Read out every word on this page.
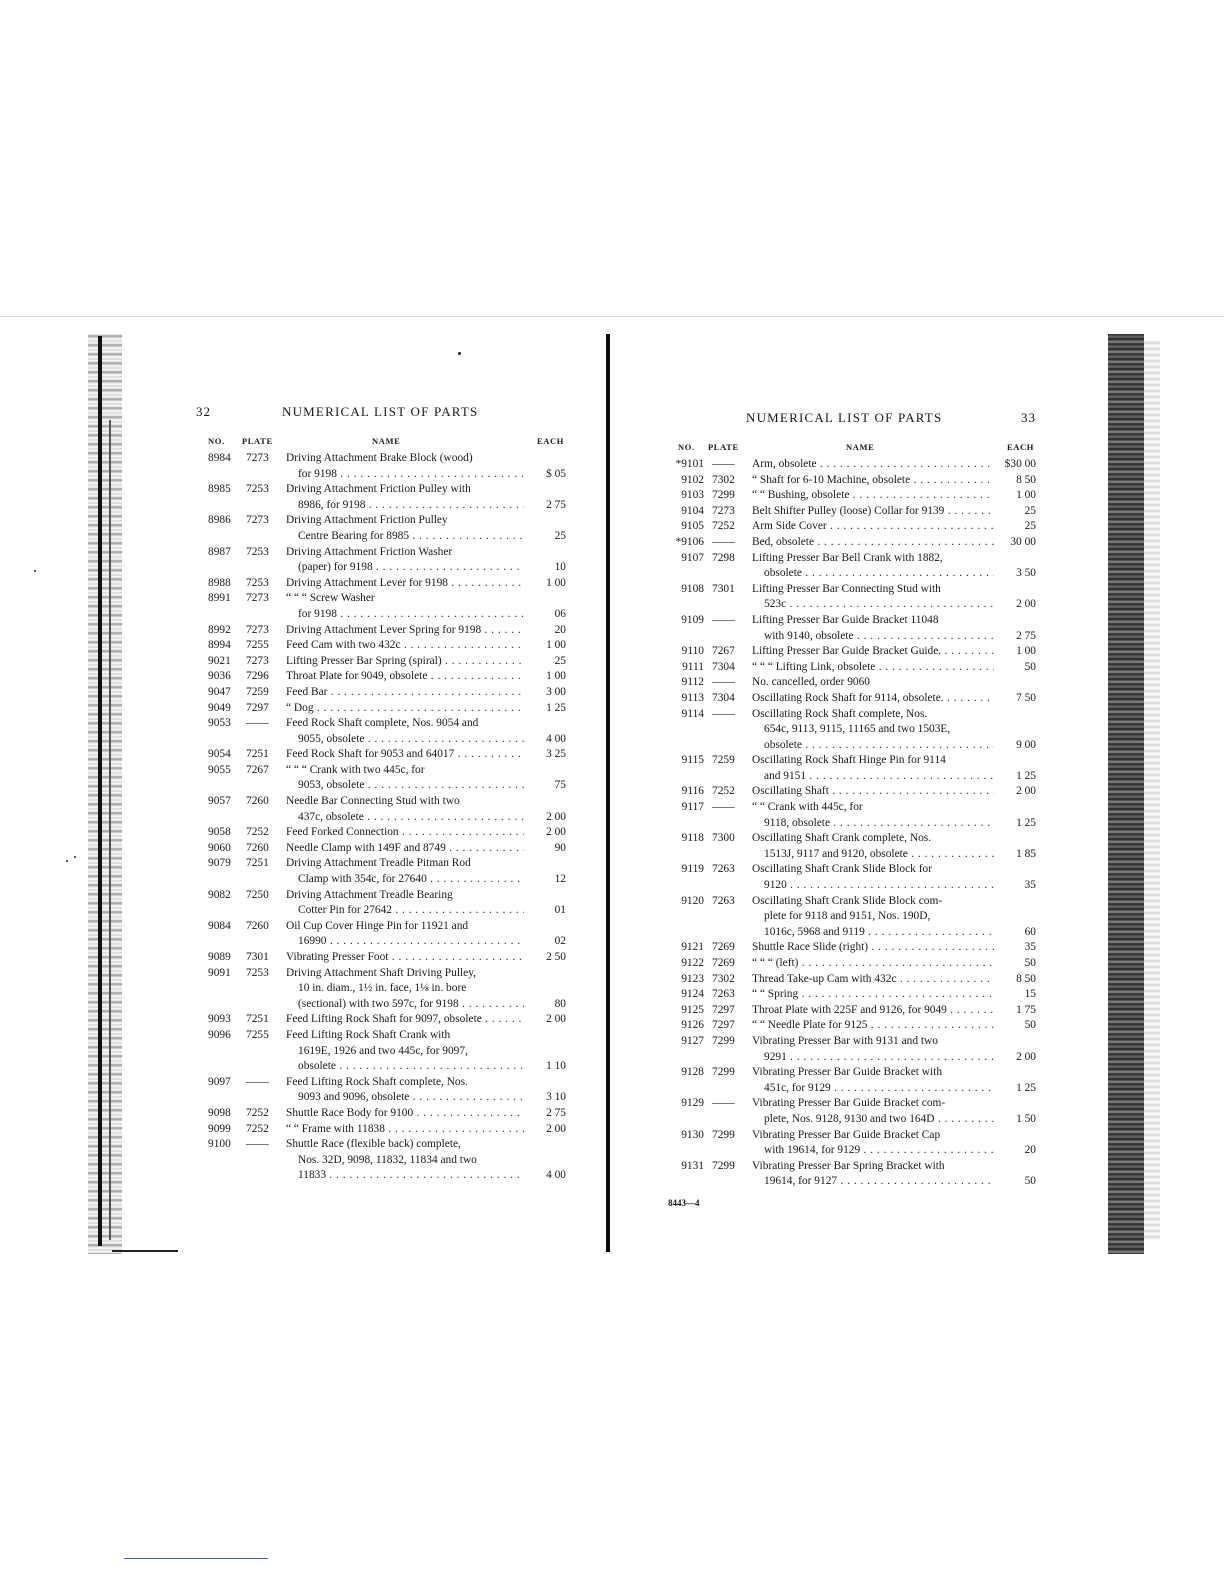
32	NUMERICAL LIST OF PARTS
NO. PLATE	NAME	EACH
8984	7273	Driving Attachment Brake Block (wood)
for 9198 . . .	$ 05
8985	7253	Driving Attachment Friction Pulley with
8986, for 9198 . . .	2 75
8986	7273	Driving Attachment Friction Pulley
Centre Bearing for 8985 . . .	25
8987	7253	Driving Attachment Friction Washer
(paper) for 9198 . . .	10
8988	7253	Driving Attachment Lever for 9198 . . .	1 00
8991	7273	“ “ “ Screw Washer
for 9198 . . .	06
8992	7273	Driving Attachment Lever Spring for 9198 . . .	20
8994	7255	Feed Cam with two 432c . . .	1 00
9021	7273	Lifting Presser Bar Spring (spiral) . . .	25
9036	7296	Throat Plate for 9049, obsolete . . .	1 00
9047	7259	Feed Bar . . .	3 00
9049	7297	“ Dog . . .	1 25
9053	——	Feed Rock Shaft complete, Nos. 9054 and
9055, obsolete . . .	4 00
9054	7251	Feed Rock Shaft for 9053 and 64017 . . .	3 25
9055	7267	“ “ “ Crank with two 445c, for
9053, obsolete . . .	75
9057	7260	Needle Bar Connecting Stud with two
437c, obsolete . . .	2 00
9058	7252	Feed Forked Connection . . .	2 00
9060	7260	Needle Clamp with 149F and 8749 . . .	90
9079	7251	Driving Attachment Treadle Pitman Rod
Clamp with 354c, for 27640 . . .	12
9082	7250	Driving Attachment Treadle Bearing
Cotter Pin for 27642 . . .	01
9084	7260	Oil Cup Cover Hinge Pin for 11921 and
16990 . . .	02
9089	7301	Vibrating Presser Foot . . .	2 50
9091	7253	Driving Attachment Shaft Driving Pulley,
10 in. diam., 1½ in. face, 1⅛ in. bore
(sectional) with two 597c, for 9198 . . .	80
9093	7251	Feed Lifting Rock Shaft for 9097, obsolete . . .	2 00
9096	7255	Feed Lifting Rock Shaft Crank with
1619E, 1926 and two 445c, for 9097,
obsolete . . .	1 10
9097	——	Feed Lifting Rock Shaft complete, Nos.
9093 and 9096, obsolete . . .	3 10
9098	7252	Shuttle Race Body for 9100 . . .	2 75
9099	7252	“ “ Frame with 11838 . . .	2 00
9100	——	Shuttle Race (flexible back) complete,
Nos. 32D, 9098, 11832, 11834 and two
11833 . . .	4 00
NUMERICAL LIST OF PARTS	33
NO. PLATE	NAME	EACH
*9101 ——	Arm, obsolete . . .	$30 00
9102 7302	“ Shaft for 6-10 Machine, obsolete . . .	8 50
9103 7299	“ “ Bushing, obsolete . . .	1 00
9104 7273	Belt Shifter Pulley (loose) Collar for 9139 . . .	25
9105 7252	Arm Side Cover . . .	25
*9106 ——	Bed, obsolete . . .	30 00
9107 7298	Lifting Presser Bar Bell Crank with 1882,
obsolete . . .	3 50
9108 7301	Lifting Presser Bar Connecting Stud with
523c . . .	2 00
9109 ——	Lifting Presser Bar Guide Bracket 11048
with 9140, obsolete . . .	2 75
9110 7267	Lifting Presser Bar Guide Bracket Guide. . . .	1 00
9111 7304	“ “ “ Lifting Link, obsolete . . .	50
9112 ——	No. cancelled, order 9060
9113 7304	Oscillating Rock Shaft for 9114, obsolete. . . .	7 50
9114 ——	Oscillating Rock Shaft complete, Nos.
654c, 9113, 9115, 11165 and two 1503E,
obsolete . . .	9 00
9115 7259	Oscillating Rock Shaft Hinge Pin for 9114
and 9151 . . .	1 25
9116 7252	Oscillating Shaft . . .	2 00
9117 ——	“ “ Crank with 445c, for
9118, obsolete . . .	1 25
9118 7300	Oscillating Shaft Crank complete, Nos.
1513J, 9117 and 9120, obsolete . . .	1 85
9119 7263	Oscillating Shaft Crank Slide Block for
9120 . . .	35
9120 7263	Oscillating Shaft Crank Slide Block com-
plete for 9118 and 9151, Nos. 190D,
1016c, 5968 and 9119 . . .	60
9121 7269	Shuttle Race Slide (right) . . .	35
9122 7269	“ “ “ (left) . . .	50
9123 7302	Thread Take-up Cam with 432c . . .	8 50
9124 7263	“ “ Spring . . .	15
9125 7297	Throat Plate with 225F and 9126, for 9049 . . .	1 75
9126 7297	“ “ Needle Plate for 9125 . . .	50
9127 7299	Vibrating Presser Bar with 9131 and two
9291 . . .	2 00
9128 7299	Vibrating Presser Bar Guide Bracket with
451c, for 9129 . . .	1 25
9129 ——	Vibrating Presser Bar Guide Bracket com-
plete, Nos. 9128, 9130 and two 164D . . .	1 50
9130 7299	Vibrating Presser Bar Guide Bracket Cap
with 19614, for 9129 . . .	20
9131 7299	Vibrating Presser Bar Spring Bracket with
19614, for 9127 . . .	50
8443—4
